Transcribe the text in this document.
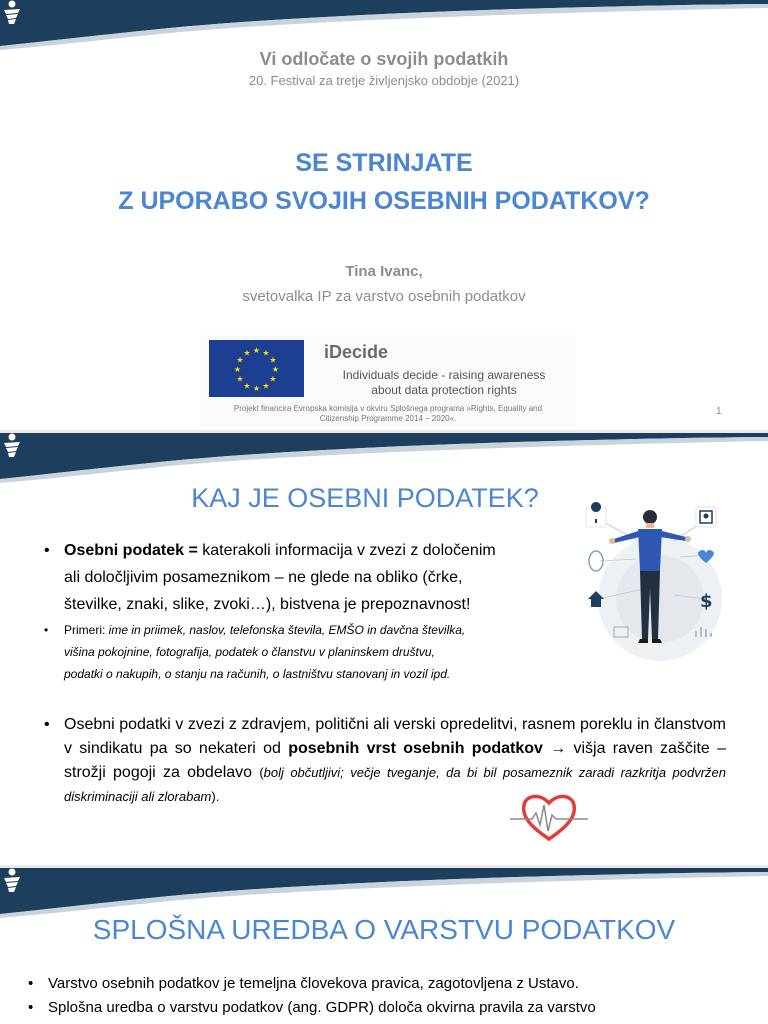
Vi odločate o svojih podatkih
20. Festival za tretje življenjsko obdobje (2021)
SE STRINJATE
Z UPORABO SVOJIH OSEBNIH PODATKOV?
Tina Ivanc,
svetovalka IP za varstvo osebnih podatkov
★ ★
★
★
★
★
★
★
★
★
★
★	iDecide
Individuals decide - raising awareness
about data protection rights
Projekt financira Evropska komisija v okviru Splošnega programa »Rights, Equality and
Citizenship Programme 2014 – 2020«.
1
KAJ JE OSEBNI PODATEK?
$
• Osebni podatek = katerakoli informacija v zvezi z določenim
ali določljivim posameznikom – ne glede na obliko (črke,
številke, znaki, slike, zvoki…), bistvena je prepoznavnost!
• Primeri: ime in priimek, naslov, telefonska števila, EMŠO in davčna številka,
višina pokojnine, fotografija, podatek o članstvu v planinskem društvu,
podatki o nakupih, o stanju na računih, o lastništvu stanovanj in vozil ipd.
• Osebni podatki v zvezi z zdravjem, politični ali verski opredelitvi, rasnem poreklu in članstvom v sindikatu pa so nekateri od posebnih vrst osebnih podatkov → višja raven zaščite – strožji pogoji za obdelavo (bolj občutljivi; večje tveganje, da bi bil posameznik zaradi razkritja podvržen diskriminaciji ali zlorabam).
SPLOŠNA UREDBA O VARSTVU PODATKOV
• Varstvo osebnih podatkov je temeljna človekova pravica, zagotovljena z Ustavo.
• Splošna uredba o varstvu podatkov (ang. GDPR) določa okvirna pravila za varstvo
